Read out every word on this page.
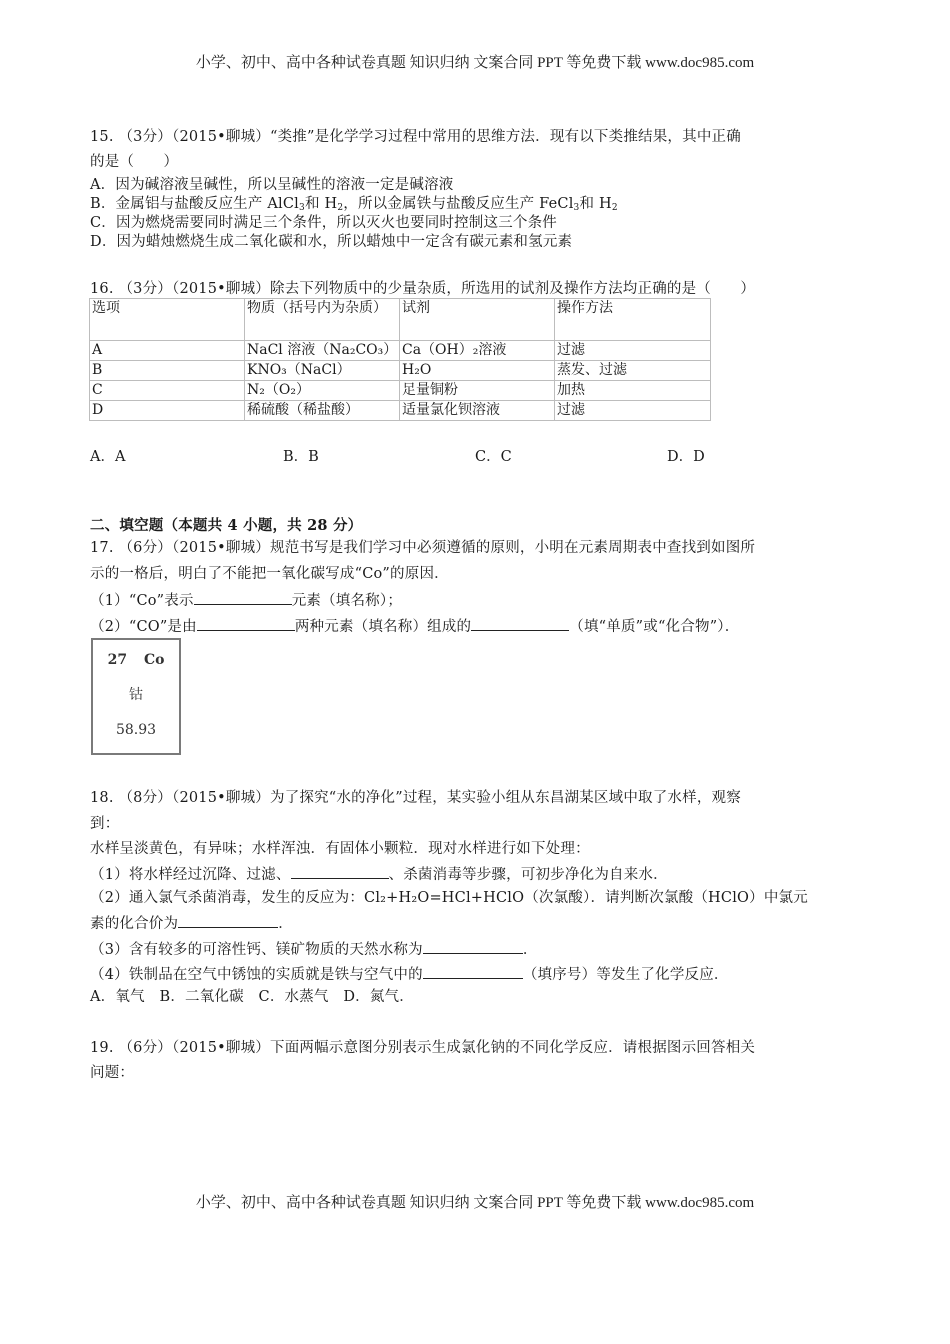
小学、初中、高中各种试卷真题 知识归纳 文案合同 PPT 等免费下载 www.doc985.com
15. （3分）（2015•聊城）“类推”是化学学习过程中常用的思维方法．现有以下类推结果，其中正确
的是（　　）
A．因为碱溶液呈碱性，所以呈碱性的溶液一定是碱溶液
B．金属铝与盐酸反应生产 AlCl$_3$和 $H_2$，所以金属铁与盐酸反应生产 FeCl$_3$和 $H_2$
C．因为燃烧需要同时满足三个条件，所以灭火也要同时控制这三个条件
D．因为蜡烛燃烧生成二氧化碳和水，所以蜡烛中一定含有碳元素和氢元素
16. （3分）（2015•聊城）除去下列物质中的少量杂质，所选用的试剂及操作方法均正确的是（　　）
选项	物质（括号内为杂质）	试剂	操作方法
A	NaCl 溶液（Na₂CO₃）	Ca（OH）₂溶液	过滤
B	KNO₃（NaCl）	H₂O	蒸发、过滤
C	N₂（O₂）	足量铜粉	加热
D	稀硫酸（稀盐酸）	适量氯化钡溶液	过滤
A．A	B．B	C．C	D．D
二、填空题（本题共 4 小题，共 28 分）
17. （6分）（2015•聊城）规范书写是我们学习中必须遵循的原则，小明在元素周期表中查找到如图所
示的一格后，明白了不能把一氧化碳写成“Co”的原因．
（1）“Co”表示	元素（填名称）；
（2）“CO”是由	两种元素（填名称）组成的	（填“单质”或“化合物”）．
27 Co
钴
58.93
18. （8分）（2015•聊城）为了探究“水的净化”过程，某实验小组从东昌湖某区域中取了水样，观察
到：
水样呈淡黄色，有异味；水样浑浊．有固体小颗粒．现对水样进行如下处理：
（1）将水样经过沉降、过滤、	、杀菌消毒等步骤，可初步净化为自来水．
（2）通入氯气杀菌消毒，发生的反应为：Cl₂+H₂O=HCl+HClO（次氯酸）．请判断次氯酸（HClO）中氯元
素的化合价为	．
（3）含有较多的可溶性钙、镁矿物质的天然水称为	．
（4）铁制品在空气中锈蚀的实质就是铁与空气中的	（填序号）等发生了化学反应．
A．氧气　B．二氧化碳　C．水蒸气　D．氮气．
19. （6分）（2015•聊城）下面两幅示意图分别表示生成氯化钠的不同化学反应．请根据图示回答相关
问题：
小学、初中、高中各种试卷真题 知识归纳 文案合同 PPT 等免费下载 www.doc985.com
